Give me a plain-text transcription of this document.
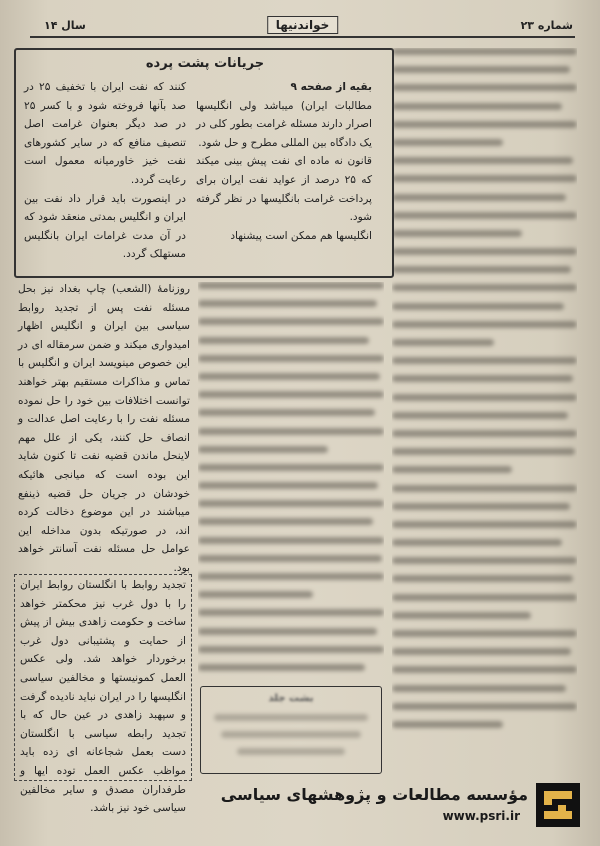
شماره ۲۳
خواندنیها
سال ۱۴
جریانات پشت پرده

بقیه از صفحه ۹

مطالبات ایران) میباشد ولی انگلیسها اصرار دارند مسئله غرامت بطور کلی در یک دادگاه بین المللی مطرح و حل شود.

قانون نه ماده ای نفت پیش بینی میکند که ۲۵ درصد از عواید نفت ایران برای پرداخت غرامت بانگلیسها در نظر گرفته شود.

انگلیسها هم ممکن است پیشنهاد

کنند که نفت ایران با تخفیف ۲۵ در صد بآنها فروخته شود و با کسر ۲۵ در صد دیگر بعنوان غرامت اصل تنصیف منافع که در سایر کشورهای نفت خیز خاورمیانه معمول است رعایت گردد.

در اینصورت باید قرار داد نفت بین ایران و انگلیس بمدتی منعقد شود که در آن مدت غرامات ایران بانگلیس مستهلک گردد.

روزنامهٔ (الشعب) چاپ بغداد نیز بحل مسئله نفت پس از تجدید روابط سیاسی بین ایران و انگلیس اظهار امیدواری میکند و ضمن سرمقاله ای در این خصوص مینویسد ایران و انگلیس با تماس و مذاکرات مستقیم بهتر خواهند توانست اختلافات بین خود را حل نموده مسئله نفت را با رعایت اصل عدالت و انصاف حل کنند، یکی از علل مهم لاینحل ماندن قضیه نفت تا کنون شاید این بوده است که میانجی هائیکه خودشان در جریان حل قضیه ذینفع میباشند در این موضوع دخالت کرده اند، در صورتیکه بدون مداخله این عوامل حل مسئله نفت آسانتر خواهد بود.

تجدید روابط با انگلستان روابط ایران را با دول غرب نیز محکمتر خواهد ساخت و حکومت زاهدی بیش از پیش از حمایت و پشتیبانی دول غرب برخوردار خواهد شد. ولی عکس العمل کمونیستها و مخالفین سیاسی انگلیسها را در ایران نباید نادیده گرفت و سپهبد زاهدی در عین حال که با تجدید رابطه سیاسی با انگلستان دست بعمل شجاعانه ای زده باید مواظب عکس العمل توده ایها و طرفداران مصدق و سایر مخالفین سیاسی خود نیز باشد.

بشت جلد
مؤسسه مطالعات و پژوهشهای سیاسی
www.psri.ir
